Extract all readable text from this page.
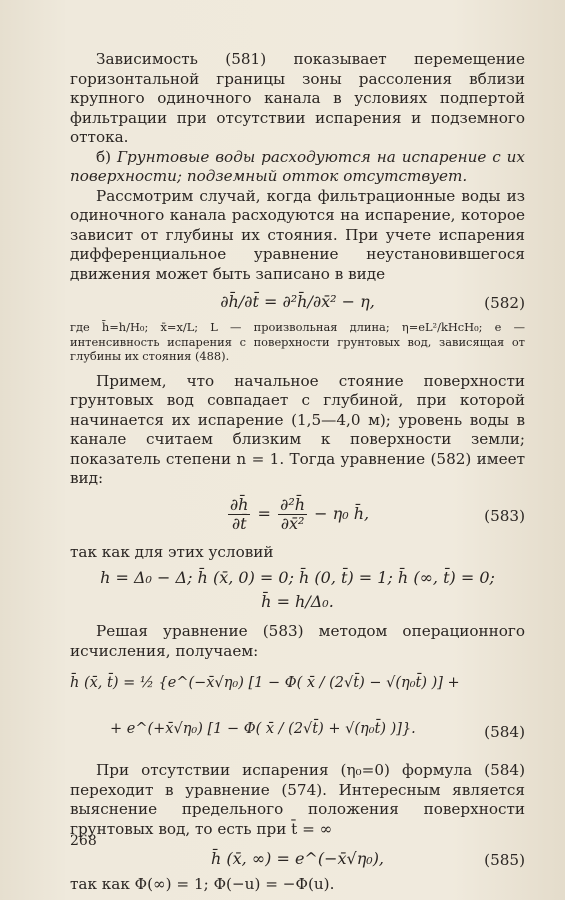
Зависимость (581) показывает перемещение горизонтальной границы зоны рассоления вблизи крупного одиночного канала в условиях подпертой фильтрации при отсутствии испарения и подземного оттока.

б) Грунтовые воды расходуются на испарение с их поверхности; подземный отток отсутствует.

Рассмотрим случай, когда фильтрационные воды из одиночного канала расходуются на испарение, которое зависит от глубины их стояния. При учете испарения дифференциальное уравнение неустановившегося движения может быть записано в виде

∂h̄/∂t̄ = ∂²h̄/∂x̄² − η,	(582)

где h̄=h/H₀; x̄=x/L; L — произвольная длина; η=eL²/kHcH₀; e — интенсивность испарения с поверхности грунтовых вод, зависящая от глубины их стояния (488).

Примем, что начальное стояние поверхности грунтовых вод совпадает с глубиной, при которой начинается их испарение (1,5—4,0 м); уровень воды в канале считаем близким к поверхности земли; показатель степени n = 1. Тогда уравнение (582) имеет вид:

$\frac{\partial h̄}{\partial t̄} = \frac{\text{∂²h̄}}{\text{∂x̄²}} - \eta_0$ h̄,	(583)

так как для этих условий

h = Δ₀ − Δ; h̄ (x̄, 0) = 0; h̄ (0, t̄) = 1; h̄ (∞, t̄) = 0;
h̄ = h/Δ₀.

Решая уравнение (583) методом операционного исчисления, получаем:

h̄ (x̄, t̄) = ½ {e^(−x̄√η₀) [1 − Φ( x̄ / (2√t̄) − √(η₀t̄) )] +
+ e^(+x̄√η₀) [1 − Φ( x̄ / (2√t̄) + √(η₀t̄) )]}.	(584)

При отсутствии испарения (η₀=0) формула (584) переходит в уравнение (574). Интересным является выяснение предельного положения поверхности грунтовых вод, то есть при t̄ = ∞

h̄ (x̄, ∞) = e^(−x̄√η₀),	(585)

так как Φ(∞) = 1; Φ(−u) = −Φ(u).

268
